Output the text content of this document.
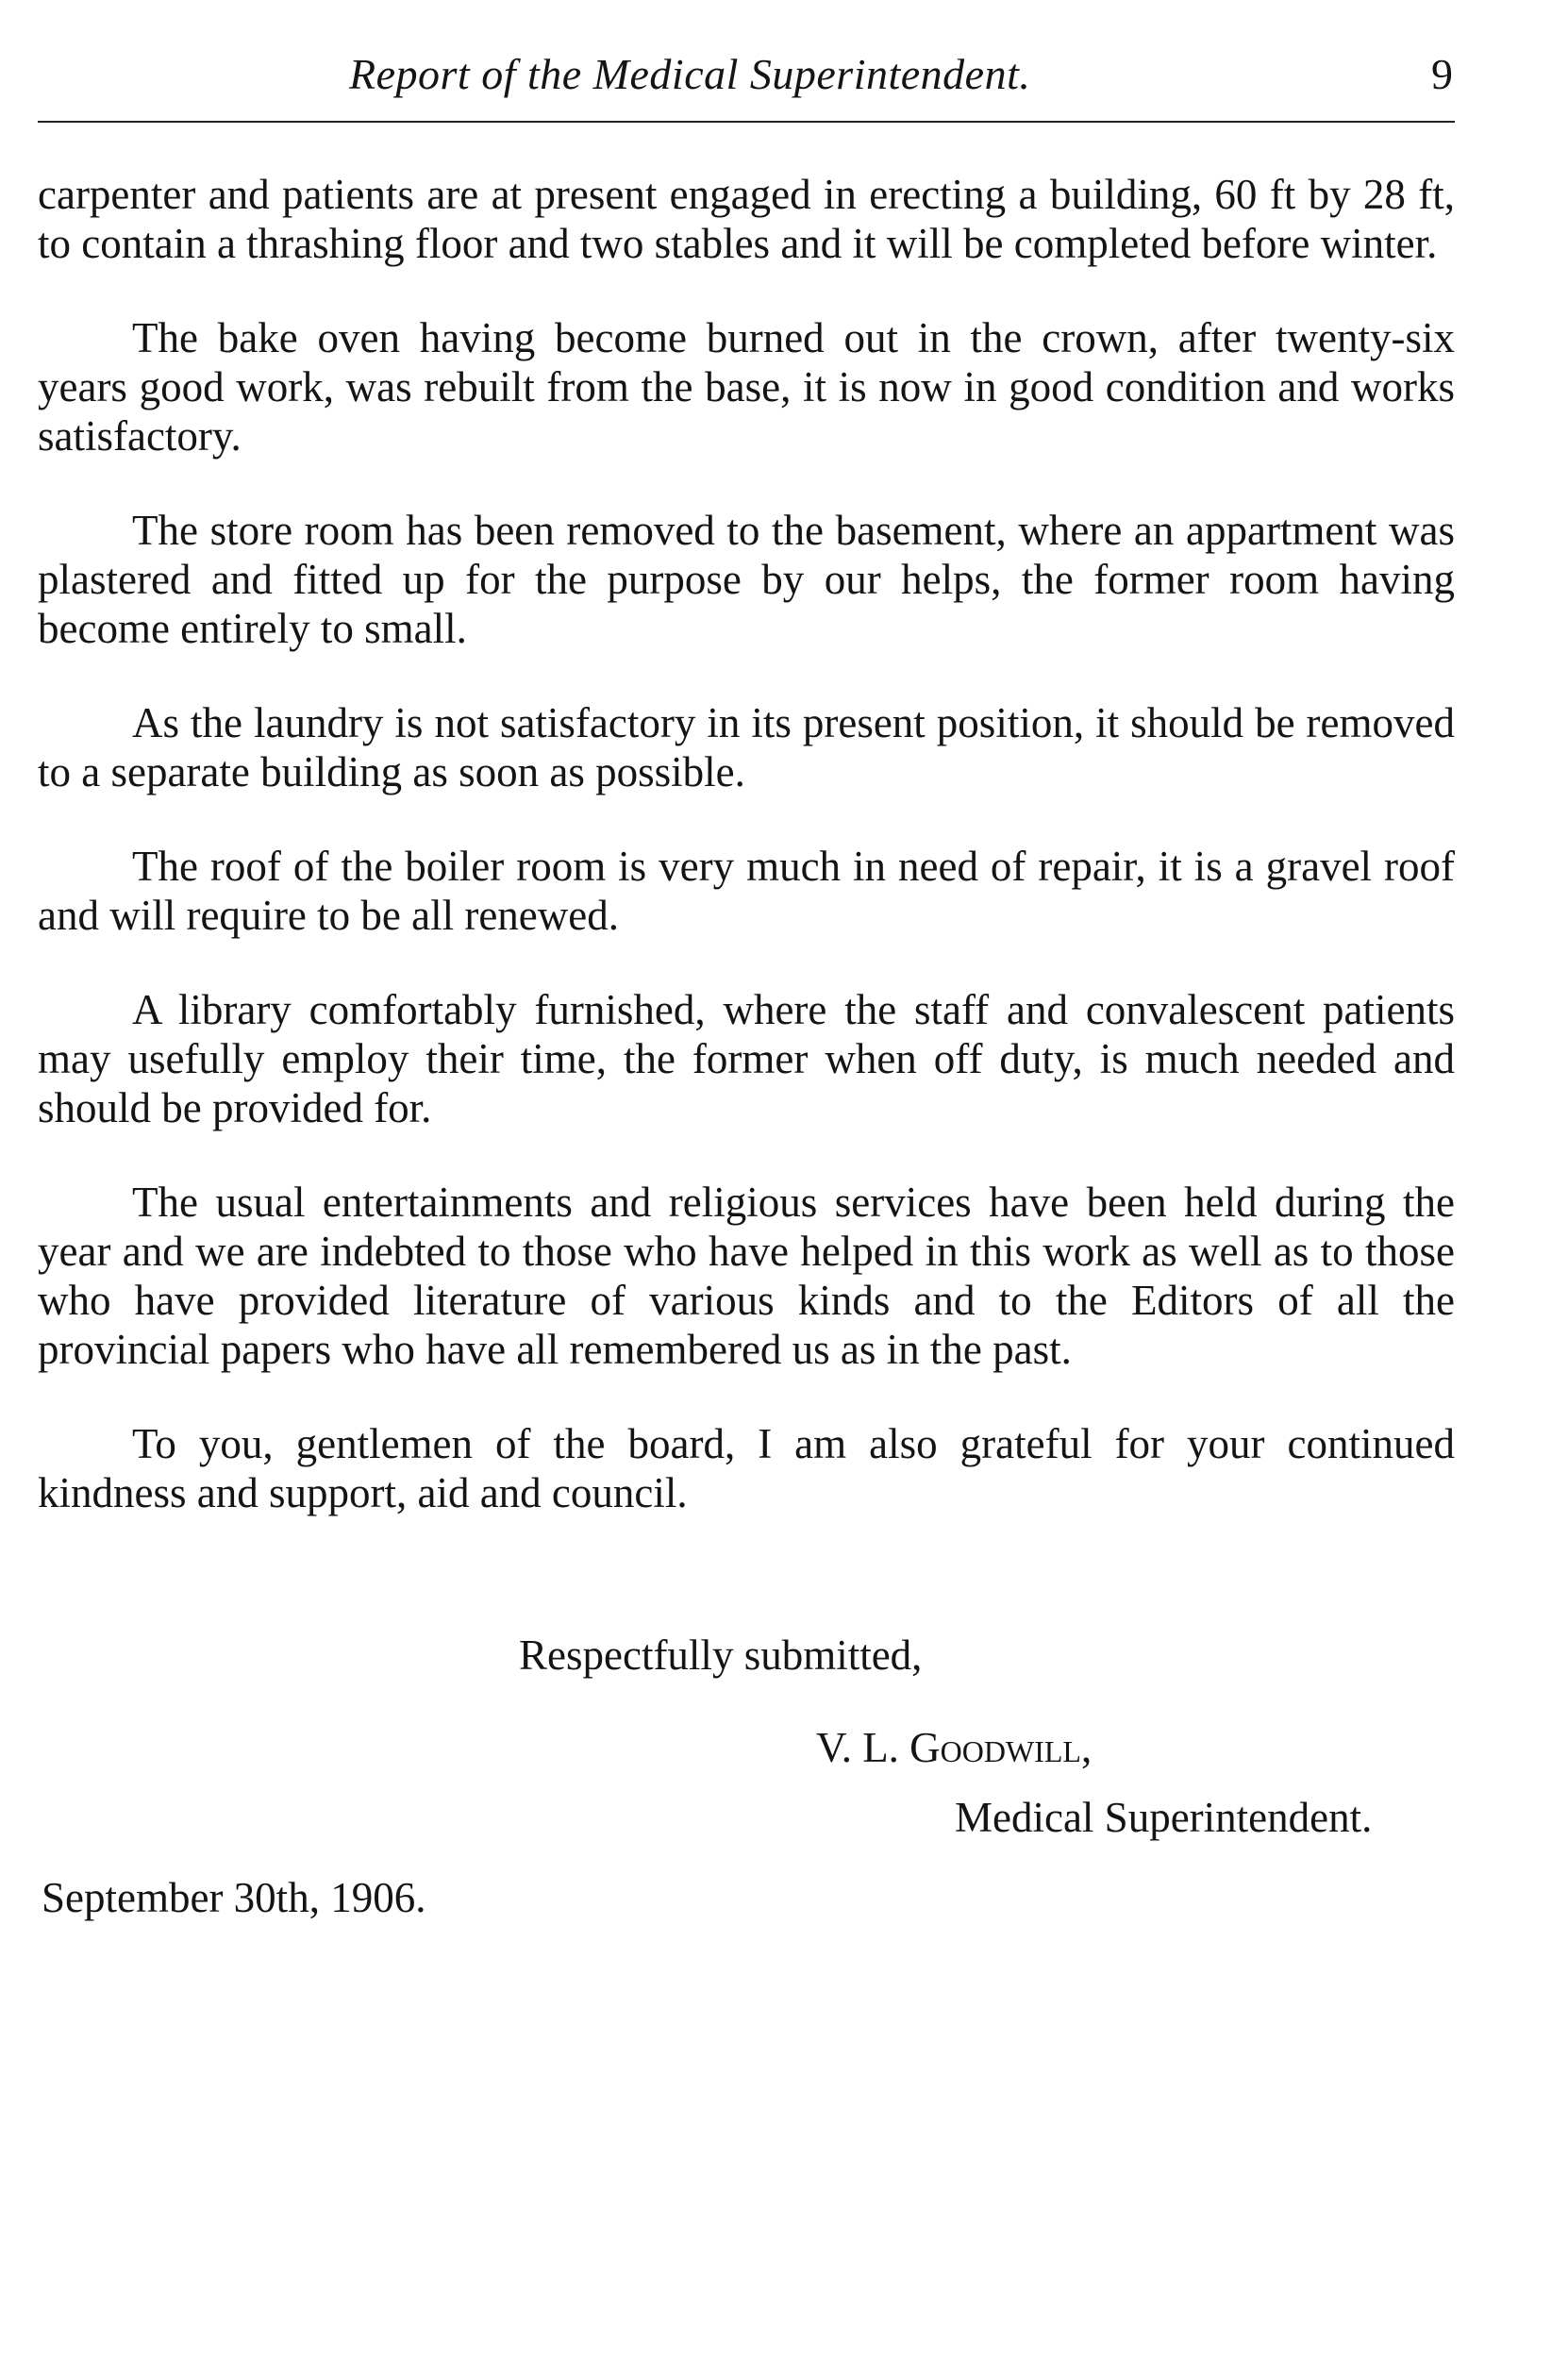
Report of the Medical Superintendent.	9

carpenter and patients are at present engaged in erecting a building, 60 ft by 28 ft, to contain a thrashing floor and two stables and it will be completed before winter.

The bake oven having become burned out in the crown, after twenty-six years good work, was rebuilt from the base, it is now in good condition and works satisfactory.

The store room has been removed to the basement, where an appartment was plastered and fitted up for the purpose by our helps, the former room having become entirely to small.

As the laundry is not satisfactory in its present position, it should be removed to a separate building as soon as possible.

The roof of the boiler room is very much in need of repair, it is a gravel roof and will require to be all renewed.

A library comfortably furnished, where the staff and convalescent patients may usefully employ their time, the former when off duty, is much needed and should be provided for.

The usual entertainments and religious services have been held during the year and we are indebted to those who have helped in this work as well as to those who have provided literature of various kinds and to the Editors of all the provincial papers who have all remembered us as in the past.

To you, gentlemen of the board, I am also grateful for your continued kindness and support, aid and council.

Respectfully submitted,
V. L. Goodwill,
Medical Superintendent.
September 30th, 1906.
